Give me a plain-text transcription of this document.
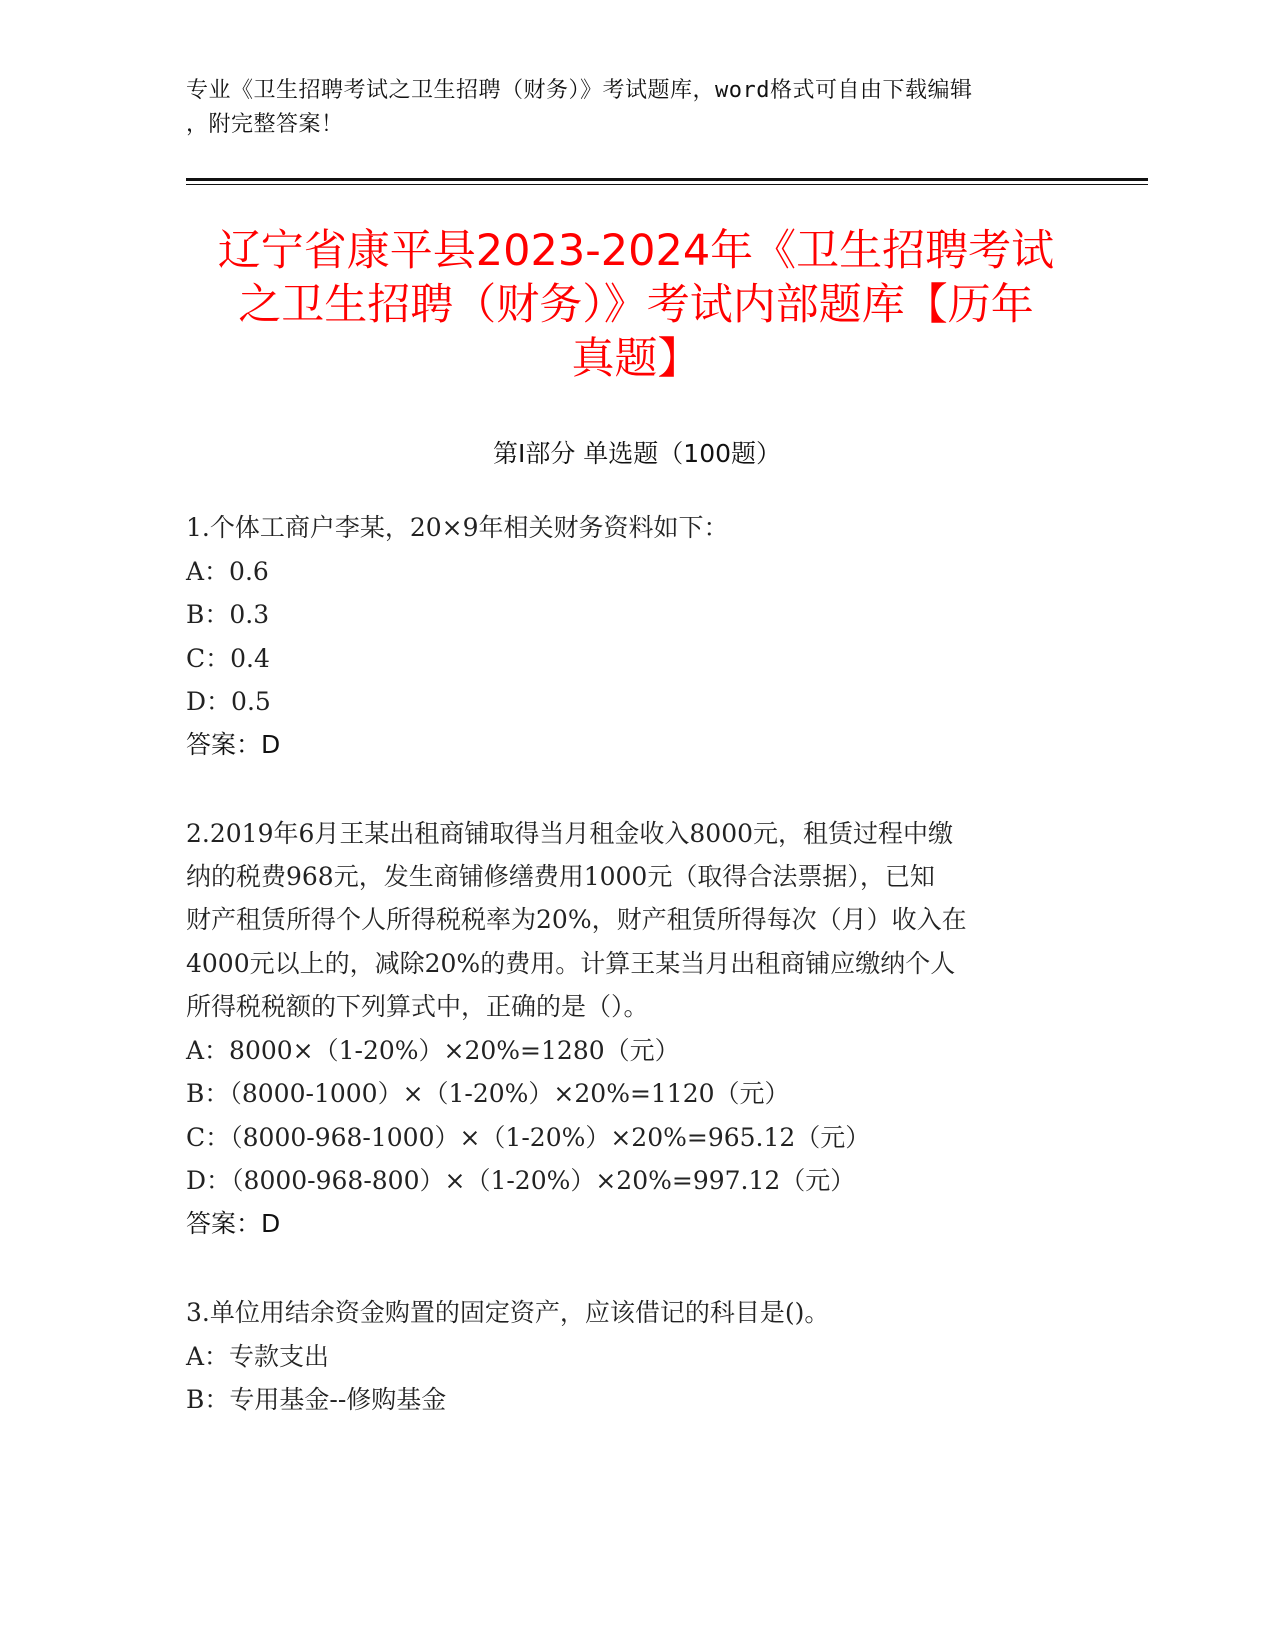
专业《卫生招聘考试之卫生招聘（财务）》考试题库，word格式可自由下载编辑
，附完整答案！
辽宁省康平县2023-2024年《卫生招聘考试
之卫生招聘（财务）》考试内部题库【历年
真题】
第Ⅰ部分 单选题（100题）
1.个体工商户李某，20×9年相关财务资料如下：
A：0.6
B：0.3
C：0.4
D：0.5
答案：D
2.2019年6月王某出租商铺取得当月租金收入8000元，租赁过程中缴
纳的税费968元，发生商铺修缮费用1000元（取得合法票据），已知
财产租赁所得个人所得税税率为20%，财产租赁所得每次（月）收入在
4000元以上的，减除20%的费用。计算王某当月出租商铺应缴纳个人
所得税税额的下列算式中，正确的是（）。
A：8000×（1-20%）×20%=1280（元）
B：（8000-1000）×（1-20%）×20%=1120（元）
C：（8000-968-1000）×（1-20%）×20%=965.12（元）
D：（8000-968-800）×（1-20%）×20%=997.12（元）
答案：D
3.单位用结余资金购置的固定资产，应该借记的科目是()。
A：专款支出
B：专用基金--修购基金
